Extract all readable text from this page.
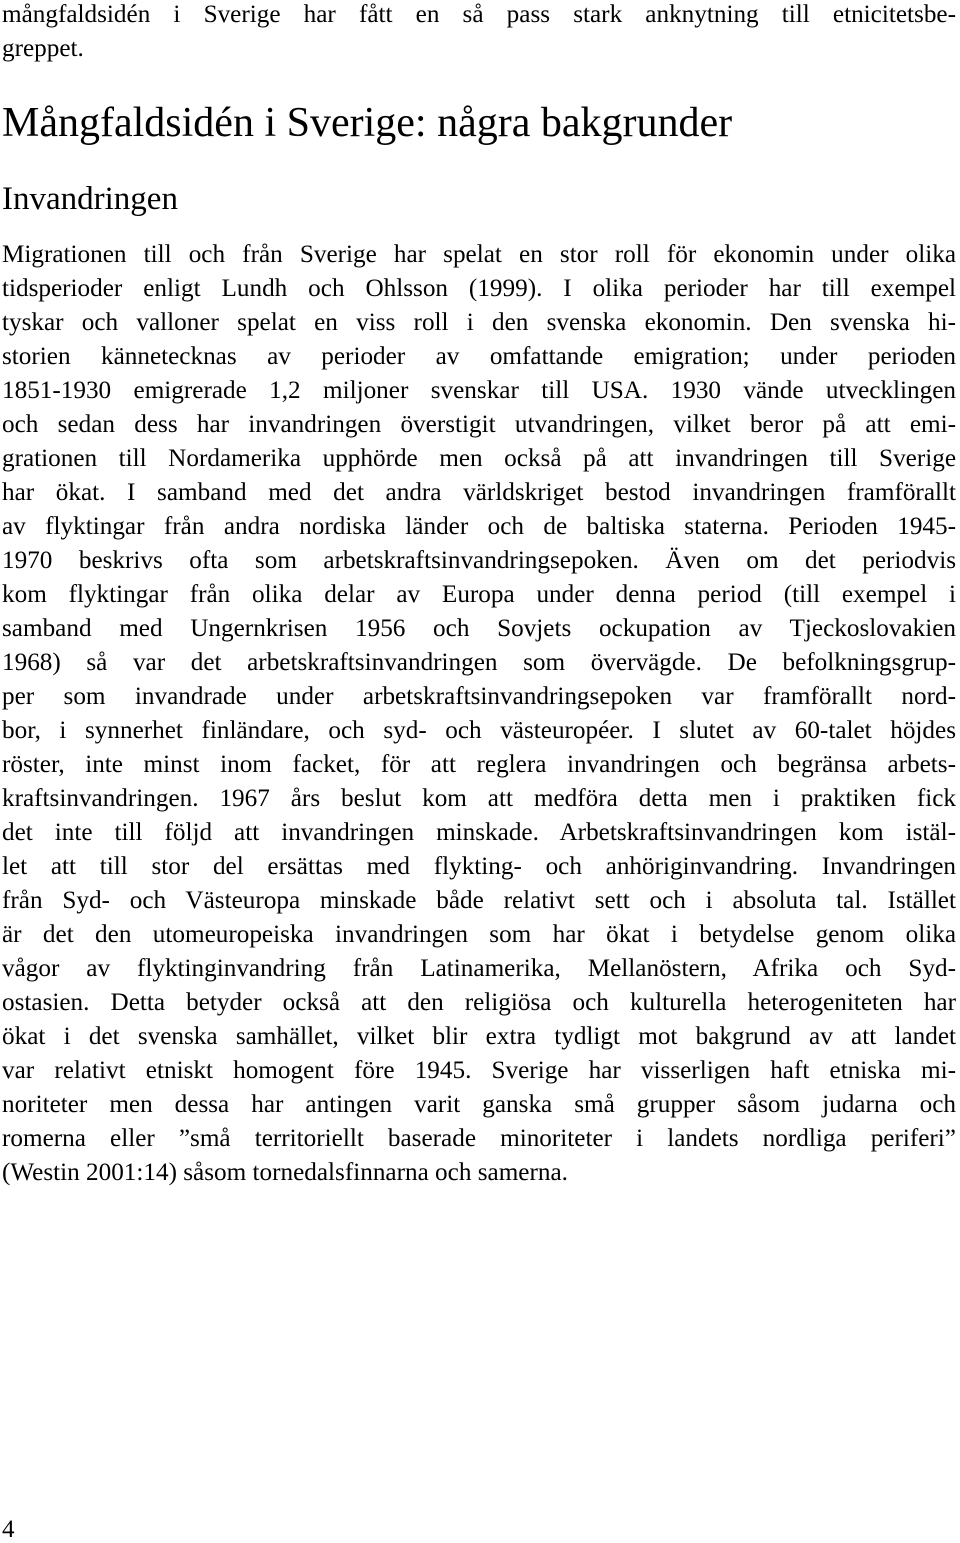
mångfaldsidén i Sverige har fått en så pass stark anknytning till etnicitetsbe-
greppet.
Mångfaldsidén i Sverige: några bakgrunder
Invandringen
Migrationen till och från Sverige har spelat en stor roll för ekonomin under olika
tidsperioder enligt Lundh och Ohlsson (1999). I olika perioder har till exempel
tyskar och valloner spelat en viss roll i den svenska ekonomin. Den svenska hi-
storien kännetecknas av perioder av omfattande emigration; under perioden
1851-1930 emigrerade 1,2 miljoner svenskar till USA. 1930 vände utvecklingen
och sedan dess har invandringen överstigit utvandringen, vilket beror på att emi-
grationen till Nordamerika upphörde men också på att invandringen till Sverige
har ökat. I samband med det andra världskriget bestod invandringen framförallt
av flyktingar från andra nordiska länder och de baltiska staterna. Perioden 1945-
1970 beskrivs ofta som arbetskraftsinvandringsepoken. Även om det periodvis
kom flyktingar från olika delar av Europa under denna period (till exempel i
samband med Ungernkrisen 1956 och Sovjets ockupation av Tjeckoslovakien
1968) så var det arbetskraftsinvandringen som övervägde. De befolkningsgrup-
per som invandrade under arbetskraftsinvandringsepoken var framförallt nord-
bor, i synnerhet finländare, och syd- och västeuropéer. I slutet av 60-talet höjdes
röster, inte minst inom facket, för att reglera invandringen och begränsa arbets-
kraftsinvandringen. 1967 års beslut kom att medföra detta men i praktiken fick
det inte till följd att invandringen minskade. Arbetskraftsinvandringen kom istäl-
let att till stor del ersättas med flykting- och anhöriginvandring. Invandringen
från Syd- och Västeuropa minskade både relativt sett och i absoluta tal. Istället
är det den utomeuropeiska invandringen som har ökat i betydelse genom olika
vågor av flyktinginvandring från Latinamerika, Mellanöstern, Afrika och Syd-
ostasien. Detta betyder också att den religiösa och kulturella heterogeniteten har
ökat i det svenska samhället, vilket blir extra tydligt mot bakgrund av att landet
var relativt etniskt homogent före 1945. Sverige har visserligen haft etniska mi-
noriteter men dessa har antingen varit ganska små grupper såsom judarna och
romerna eller ”små territoriellt baserade minoriteter i landets nordliga periferi”
(Westin 2001:14) såsom tornedalsfinnarna och samerna.
4
